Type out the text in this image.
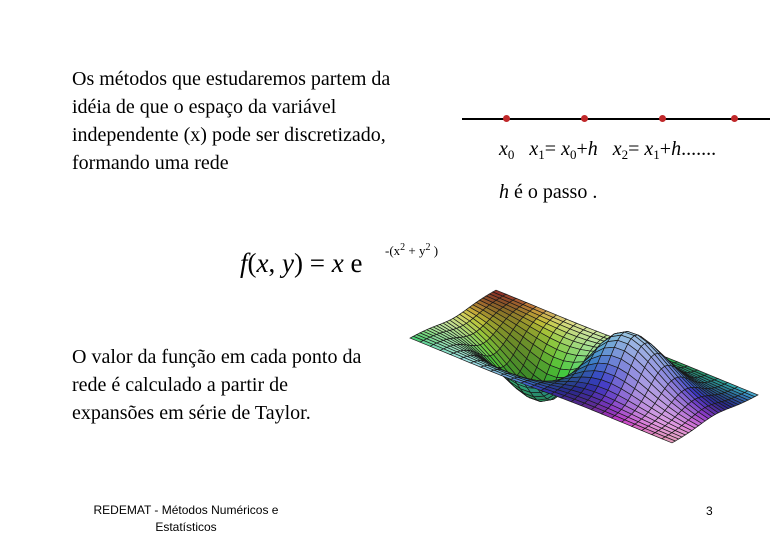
Os métodos que estudaremos partem da idéia de que o espaço da variável independente (x) pode ser discretizado, formando uma rede

$x_0$ $x_1= x_0+h$ $x_2= x_1+h$.......
h é o passo .
f(x, y) = x e $-(x^2 + y^2$ )

O valor da função em cada ponto da rede é calculado a partir de expansões em série de Taylor.

REDEMAT - Métodos Numéricos e Estatísticos
3
